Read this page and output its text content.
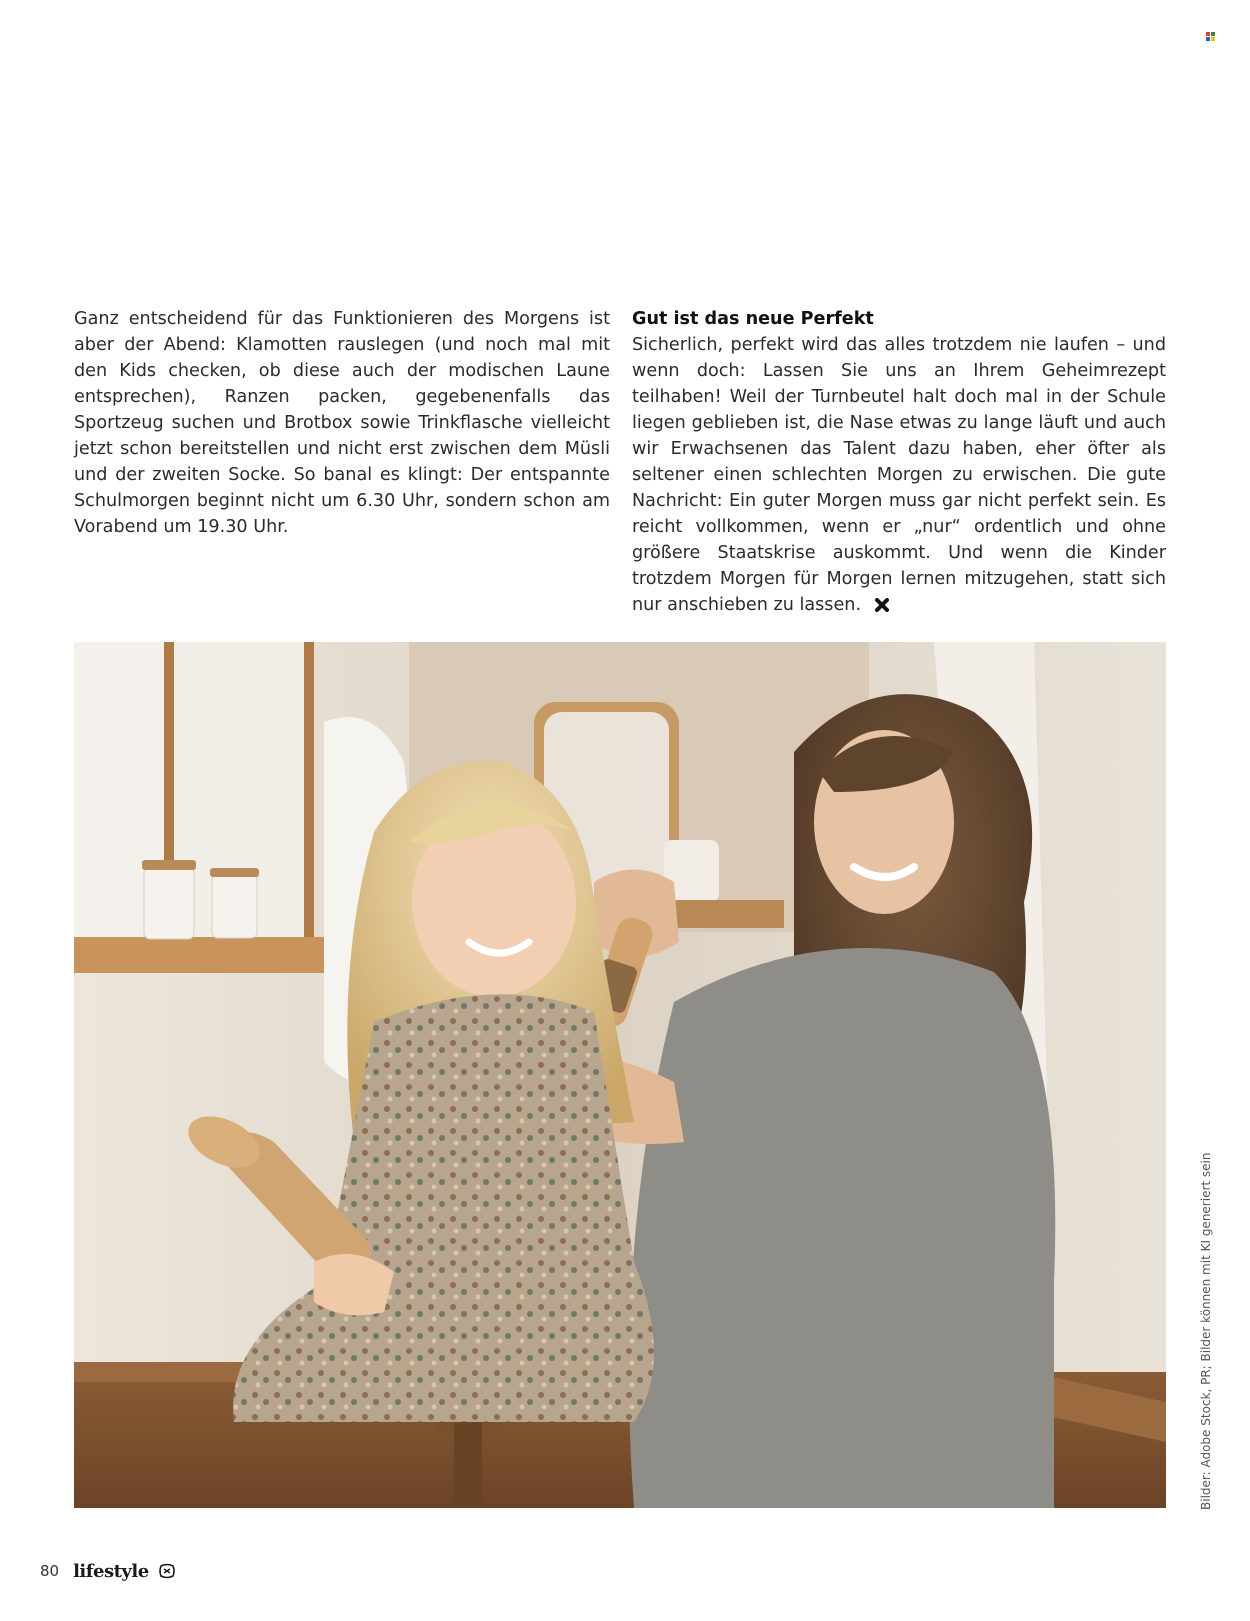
Ganz entscheidend für das Funktionieren des Morgens ist aber der Abend: Klamotten rauslegen (und noch mal mit den Kids checken, ob diese auch der modischen Laune entsprechen), Ranzen packen, gegebenenfalls das Sportzeug suchen und Brotbox sowie Trinkflasche vielleicht jetzt schon bereitstellen und nicht erst zwischen dem Müsli und der zweiten Socke. So banal es klingt: Der entspannte Schulmorgen beginnt nicht um 6.30 Uhr, sondern schon am Vorabend um 19.30 Uhr.

Gut ist das neue Perfekt

Sicherlich, perfekt wird das alles trotzdem nie laufen – und wenn doch: Lassen Sie uns an Ihrem Geheimrezept teilhaben! Weil der Turnbeutel halt doch mal in der Schule liegen geblieben ist, die Nase etwas zu lange läuft und auch wir Erwachsenen das Talent dazu haben, eher öfter als seltener einen schlechten Morgen zu erwischen. Die gute Nachricht: Ein guter Morgen muss gar nicht perfekt sein. Es reicht vollkommen, wenn er „nur“ ordentlich und ohne größere Staatskrise auskommt. Und wenn die Kinder trotzdem Morgen für Morgen lernen mitzugehen, statt sich nur anschieben zu lassen.

Bilder: Adobe Stock, PR; Bilder können mit KI generiert sein
80 lifestyle
